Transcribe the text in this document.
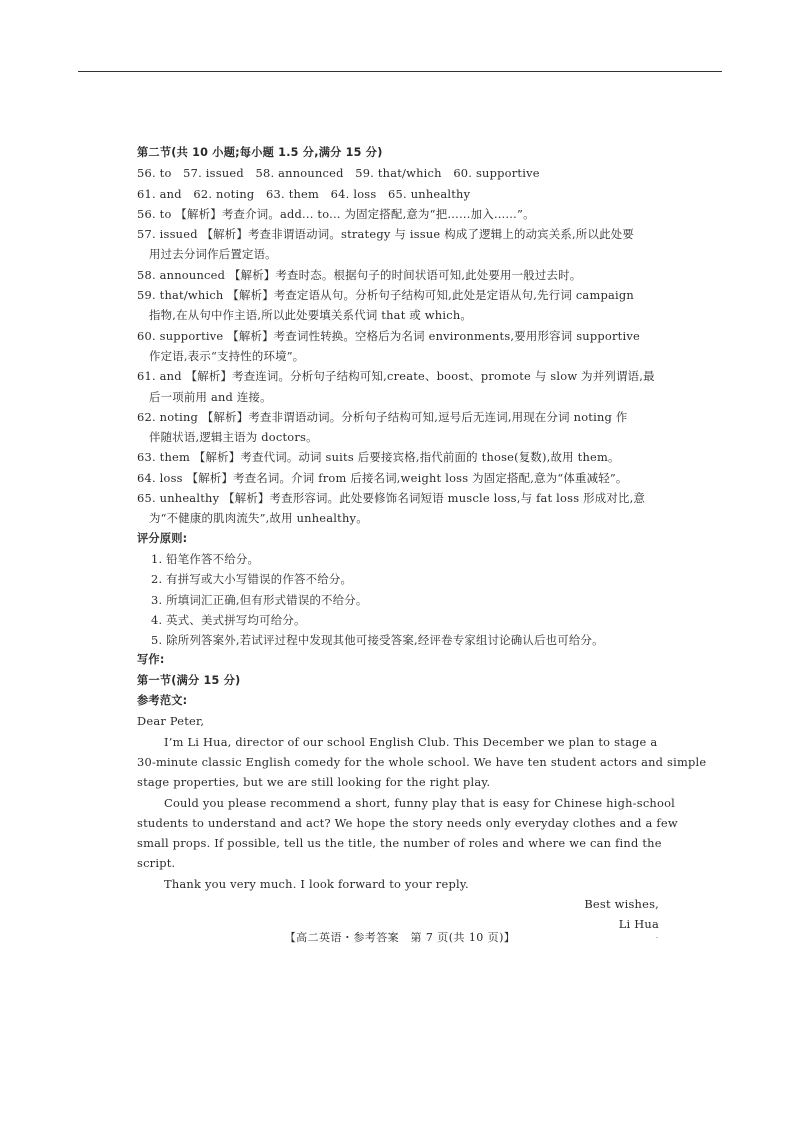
第二节(共 10 小题;每小题 1.5 分,满分 15 分)
56. to　57. issued　58. announced　59. that/which　60. supportive
61. and　62. noting　63. them　64. loss　65. unhealthy
56. to 【解析】考查介词。add... to... 为固定搭配,意为“把……加入……”。
57. issued 【解析】考查非谓语动词。strategy 与 issue 构成了逻辑上的动宾关系,所以此处要
用过去分词作后置定语。
58. announced 【解析】考查时态。根据句子的时间状语可知,此处要用一般过去时。
59. that/which 【解析】考查定语从句。分析句子结构可知,此处是定语从句,先行词 campaign
指物,在从句中作主语,所以此处要填关系代词 that 或 which。
60. supportive 【解析】考查词性转换。空格后为名词 environments,要用形容词 supportive
作定语,表示“支持性的环境”。
61. and 【解析】考查连词。分析句子结构可知,create、boost、promote 与 slow 为并列谓语,最
后一项前用 and 连接。
62. noting 【解析】考查非谓语动词。分析句子结构可知,逗号后无连词,用现在分词 noting 作
伴随状语,逻辑主语为 doctors。
63. them 【解析】考查代词。动词 suits 后要接宾格,指代前面的 those(复数),故用 them。
64. loss 【解析】考查名词。介词 from 后接名词,weight loss 为固定搭配,意为“体重减轻”。
65. unhealthy 【解析】考查形容词。此处要修饰名词短语 muscle loss,与 fat loss 形成对比,意
为“不健康的肌肉流失”,故用 unhealthy。
评分原则:
1. 铅笔作答不给分。
2. 有拼写或大小写错误的作答不给分。
3. 所填词汇正确,但有形式错误的不给分。
4. 英式、美式拼写均可给分。
5. 除所列答案外,若试评过程中发现其他可接受答案,经评卷专家组讨论确认后也可给分。
写作:
第一节(满分 15 分)
参考范文:
Dear Peter,
I’m Li Hua, director of our school English Club. This December we plan to stage a
30-minute classic English comedy for the whole school. We have ten student actors and simple
stage properties, but we are still looking for the right play.
Could you please recommend a short, funny play that is easy for Chinese high-school
students to understand and act? We hope the story needs only everyday clothes and a few
small props. If possible, tell us the title, the number of roles and where we can find the
script.
Thank you very much. I look forward to your reply.
Best wishes,
Li Hua
【高二英语・参考答案　第 7 页(共 10 页)】
